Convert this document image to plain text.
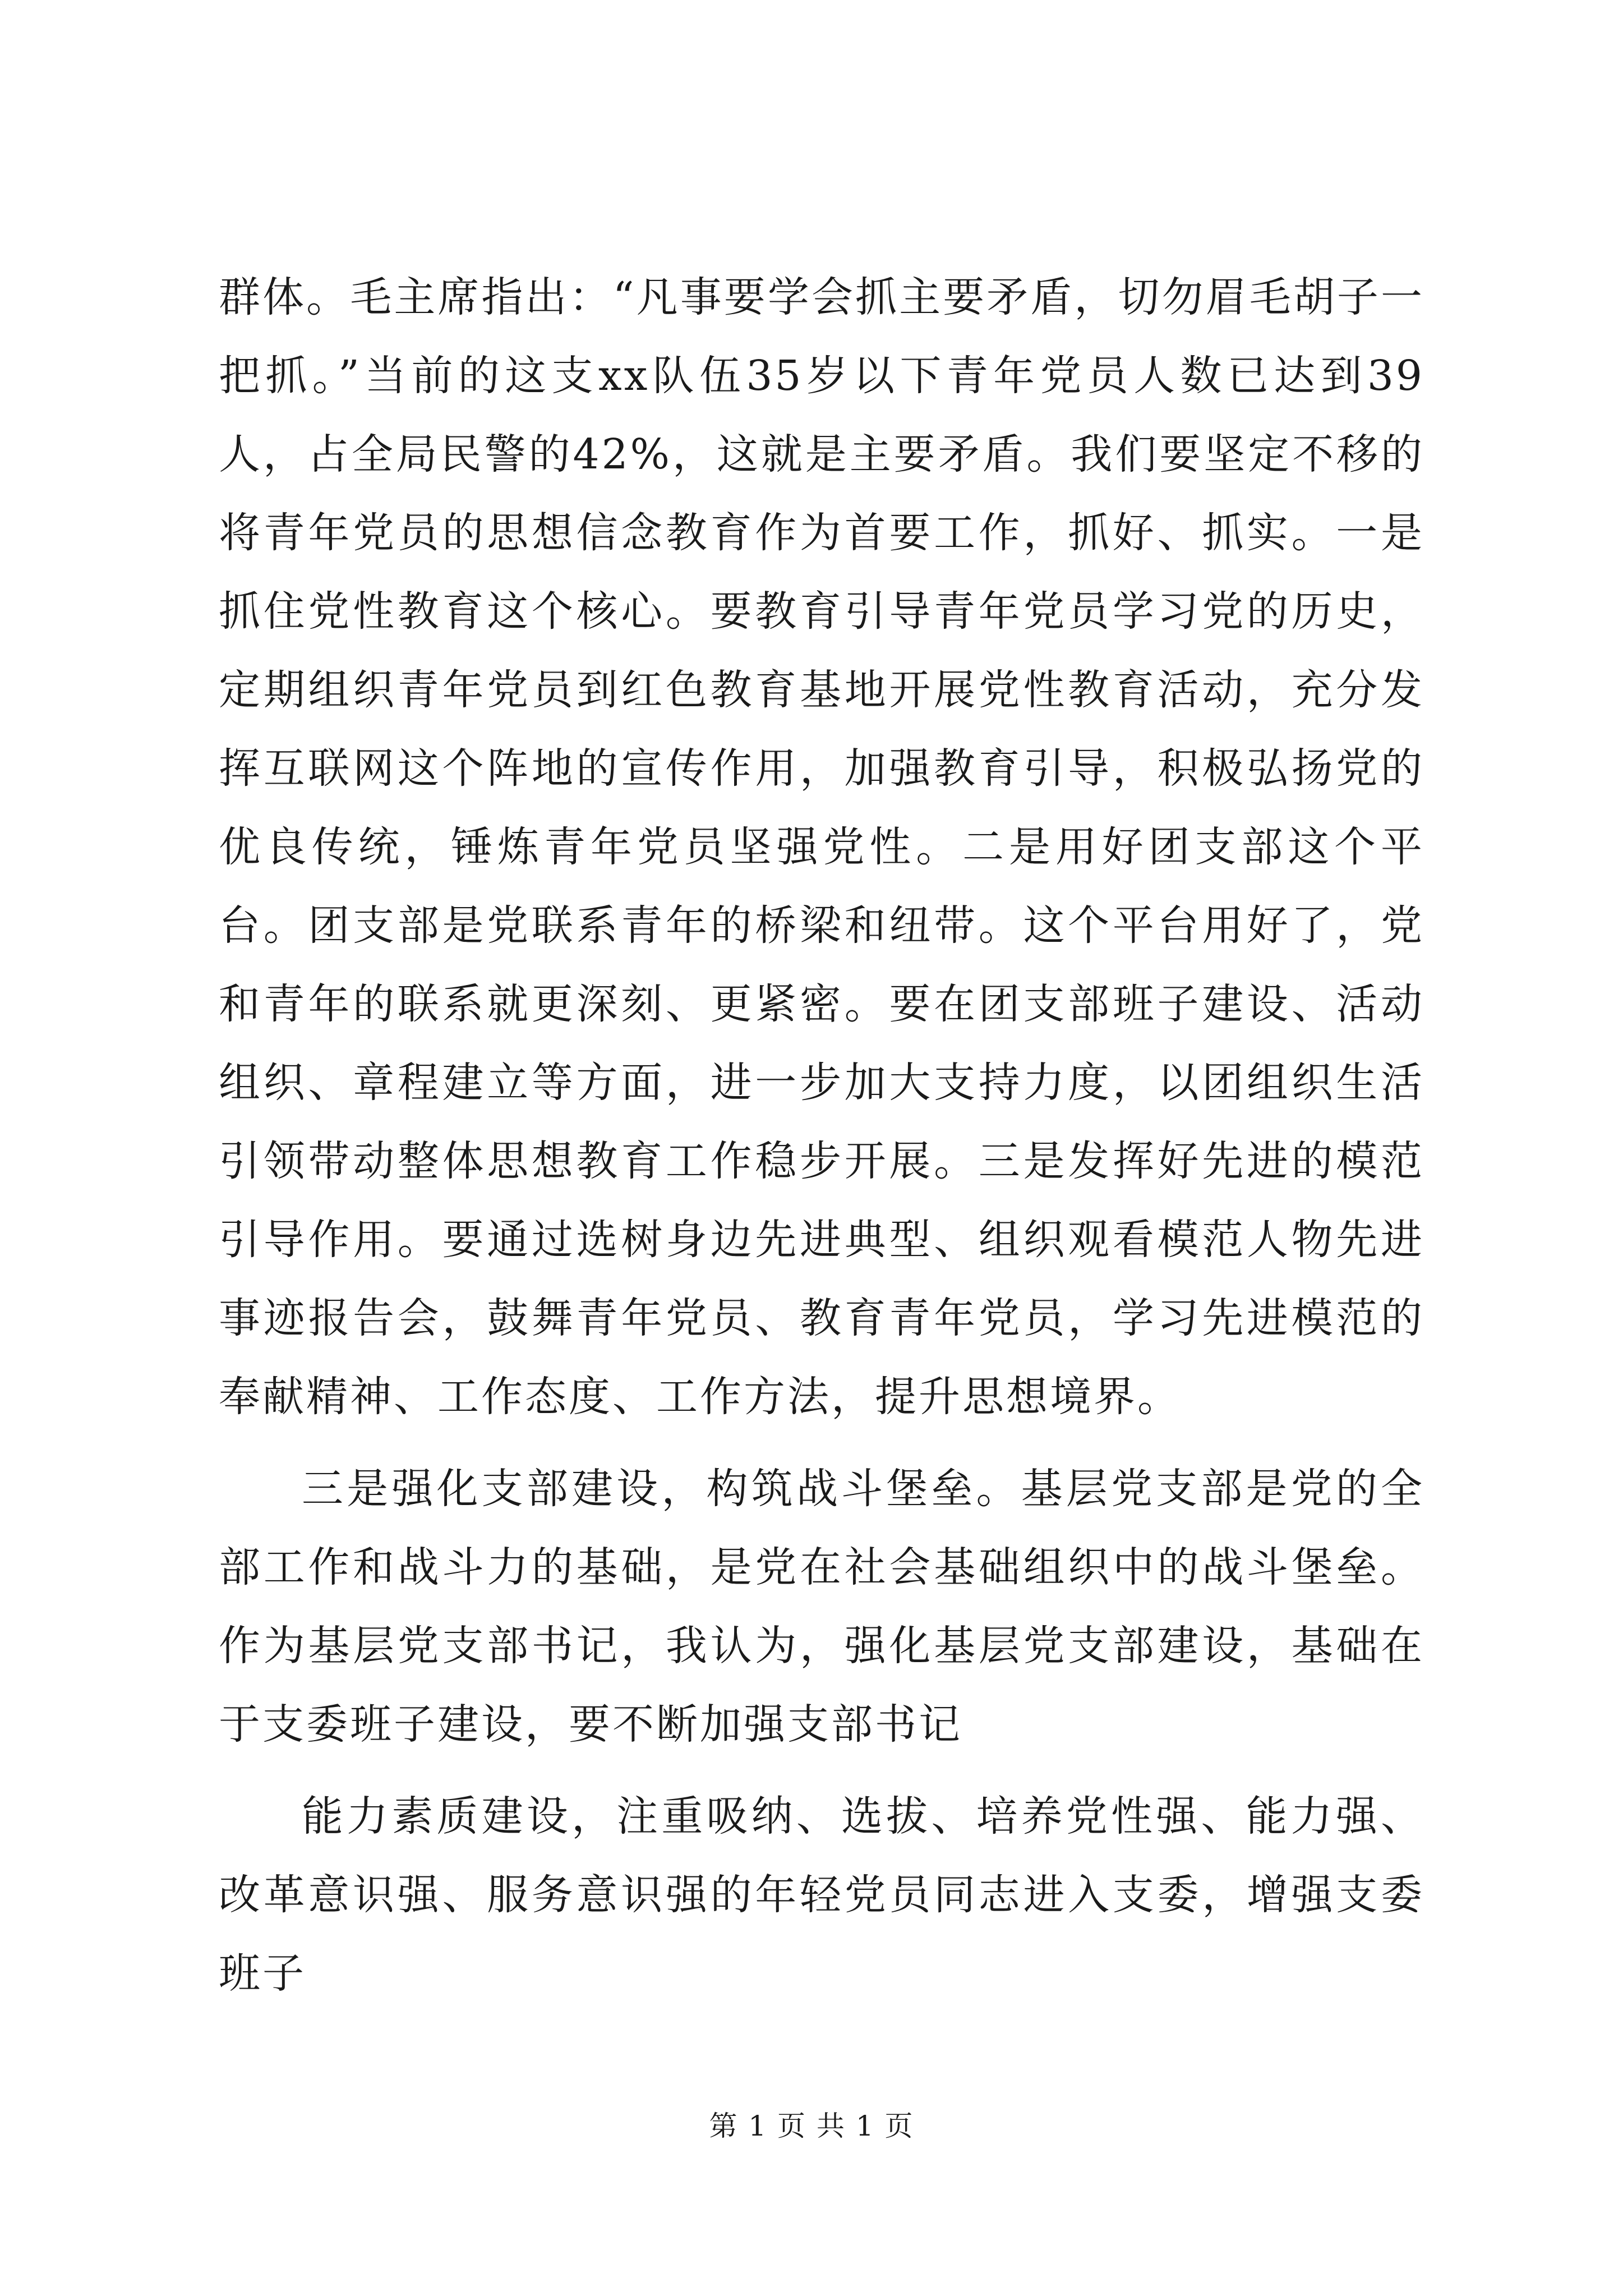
群体。毛主席指出：“凡事要学会抓主要矛盾，切勿眉毛胡子一把抓。”当前的这支xx队伍35岁以下青年党员人数已达到39人，占全局民警的42%，这就是主要矛盾。我们要坚定不移的将青年党员的思想信念教育作为首要工作，抓好、抓实。一是抓住党性教育这个核心。要教育引导青年党员学习党的历史，定期组织青年党员到红色教育基地开展党性教育活动，充分发挥互联网这个阵地的宣传作用，加强教育引导，积极弘扬党的优良传统，锤炼青年党员坚强党性。二是用好团支部这个平台。团支部是党联系青年的桥梁和纽带。这个平台用好了，党和青年的联系就更深刻、更紧密。要在团支部班子建设、活动组织、章程建立等方面，进一步加大支持力度，以团组织生活引领带动整体思想教育工作稳步开展。三是发挥好先进的模范引导作用。要通过选树身边先进典型、组织观看模范人物先进事迹报告会，鼓舞青年党员、教育青年党员，学习先进模范的奉献精神、工作态度、工作方法，提升思想境界。

三是强化支部建设，构筑战斗堡垒。基层党支部是党的全部工作和战斗力的基础，是党在社会基础组织中的战斗堡垒。作为基层党支部书记，我认为，强化基层党支部建设，基础在于支委班子建设，要不断加强支部书记

能力素质建设，注重吸纳、选拔、培养党性强、能力强、改革意识强、服务意识强的年轻党员同志进入支委，增强支委班子

第 1 页 共 1 页
